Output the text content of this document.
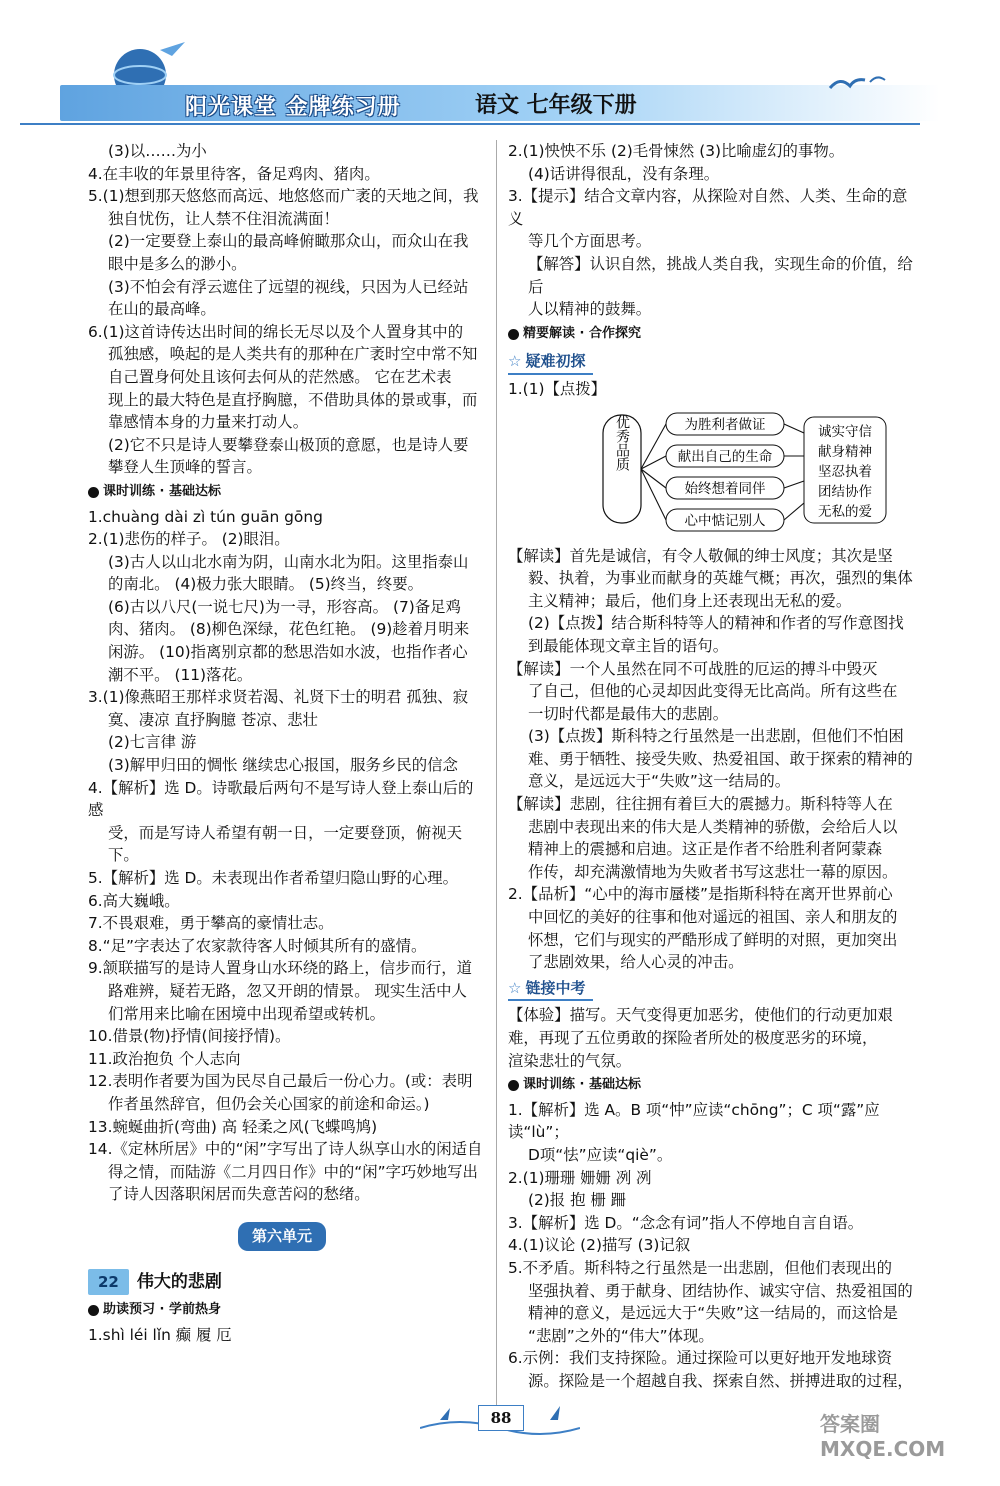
阳光课堂 金牌练习册	语文 七年级下册

(3)以……为小

4.在丰收的年景里待客，备足鸡肉、猪肉。

5.(1)想到那天悠悠而高远、地悠悠而广袤的天地之间，我

独自忧伤，让人禁不住泪流满面！

(2)一定要登上泰山的最高峰俯瞰那众山，而众山在我

眼中是多么的渺小。

(3)不怕会有浮云遮住了远望的视线，只因为人已经站

在山的最高峰。

6.(1)这首诗传达出时间的绵长无尽以及个人置身其中的

孤独感，唤起的是人类共有的那种在广袤时空中常不知

自己置身何处且该何去何从的茫然感。 它在艺术表

现上的最大特色是直抒胸臆，不借助具体的景或事，而

靠感情本身的力量来打动人。

(2)它不只是诗人要攀登泰山极顶的意愿，也是诗人要

攀登人生顶峰的誓言。

课时训练 · 基础达标

1.chuàng dài zì tún guān gōng

2.(1)悲伤的样子。 (2)眼泪。

(3)古人以山北水南为阴，山南水北为阳。这里指泰山

的南北。 (4)极力张大眼睛。 (5)终当，终要。

(6)古以八尺(一说七尺)为一寻，形容高。 (7)备足鸡

肉、猪肉。 (8)柳色深绿，花色红艳。 (9)趁着月明来

闲游。 (10)指离别京都的愁思浩如水波，也指作者心

潮不平。 (11)落花。

3.(1)像燕昭王那样求贤若渴、礼贤下士的明君 孤独、寂

寞、凄凉 直抒胸臆 苍凉、悲壮

(2)七言律 游

(3)解甲归田的惆怅 继续忠心报国，服务乡民的信念

4.【解析】选 D。诗歌最后两句不是写诗人登上泰山后的感

受，而是写诗人希望有朝一日，一定要登顶，俯视天下。

5.【解析】选 D。未表现出作者希望归隐山野的心理。

6.高大巍峨。

7.不畏艰难，勇于攀高的豪情壮志。

8.“足”字表达了农家款待客人时倾其所有的盛情。

9.颔联描写的是诗人置身山水环绕的路上，信步而行，道

路难辨，疑若无路，忽又开朗的情景。 现实生活中人

们常用来比喻在困境中出现希望或转机。

10.借景(物)抒情(间接抒情)。

11.政治抱负 个人志向

12.表明作者要为国为民尽自己最后一份心力。(或：表明

作者虽然辞官，但仍会关心国家的前途和命运。)

13.蜿蜒曲折(弯曲) 高 轻柔之风(飞蝶鸣鸠)

14.《定林所居》中的“闲”字写出了诗人纵享山水的闲适自

得之情，而陆游《二月四日作》中的“闲”字巧妙地写出

了诗人因落职闲居而失意苦闷的愁绪。

第六单元
22	伟大的悲剧
助读预习 · 学前热身

1.shì léi lǐn 癫 履 厄

2.(1)怏怏不乐 (2)毛骨悚然 (3)比喻虚幻的事物。

(4)话讲得很乱，没有条理。

3.【提示】结合文章内容，从探险对自然、人类、生命的意义

等几个方面思考。

【解答】认识自然，挑战人类自我，实现生命的价值，给后

人以精神的鼓舞。

精要解读 · 合作探究
☆ 疑难初探

1.(1)【点拨】

优秀品质	为胜利者做证
献出自己的生命
始终想着同伴
心中惦记别人
诚实守信
献身精神
坚忍执着
团结协作
无私的爱

【解读】首先是诚信，有令人敬佩的绅士风度；其次是坚

毅、执着，为事业而献身的英雄气概；再次，强烈的集体

主义精神；最后，他们身上还表现出无私的爱。

(2)【点拨】结合斯科特等人的精神和作者的写作意图找

到最能体现文章主旨的语句。

【解读】一个人虽然在同不可战胜的厄运的搏斗中毁灭

了自己，但他的心灵却因此变得无比高尚。所有这些在

一切时代都是最伟大的悲剧。

(3)【点拨】斯科特之行虽然是一出悲剧，但他们不怕困

难、勇于牺牲、接受失败、热爱祖国、敢于探索的精神的

意义，是远远大于“失败”这一结局的。

【解读】悲剧，往往拥有着巨大的震撼力。斯科特等人在

悲剧中表现出来的伟大是人类精神的骄傲，会给后人以

精神上的震撼和启迪。这正是作者不给胜利者阿蒙森

作传，却充满激情地为失败者书写这悲壮一幕的原因。

2.【品析】“心中的海市蜃楼”是指斯科特在离开世界前心

中回忆的美好的往事和他对遥远的祖国、亲人和朋友的

怀想，它们与现实的严酷形成了鲜明的对照，更加突出

了悲剧效果，给人心灵的冲击。

☆ 链接中考

【体验】描写。天气变得更加恶劣，使他们的行动更加艰

难，再现了五位勇敢的探险者所处的极度恶劣的环境，

渲染悲壮的气氛。

课时训练 · 基础达标

1.【解析】选 A。B 项“忡”应读“chōng”；C 项“露”应读“lù”；

D项“怯”应读“qiè”。

2.(1)珊珊 姗姗 冽 冽

(2)报 抱 栅 跚

3.【解析】选 D。“念念有词”指人不停地自言自语。

4.(1)议论 (2)描写 (3)记叙

5.不矛盾。斯科特之行虽然是一出悲剧，但他们表现出的

坚强执着、勇于献身、团结协作、诚实守信、热爱祖国的

精神的意义，是远远大于“失败”这一结局的，而这恰是

“悲剧”之外的“伟大”体现。

6.示例：我们支持探险。通过探险可以更好地开发地球资

源。探险是一个超越自我、探索自然、拼搏进取的过程，

88	答案圈 MXQE.COM
